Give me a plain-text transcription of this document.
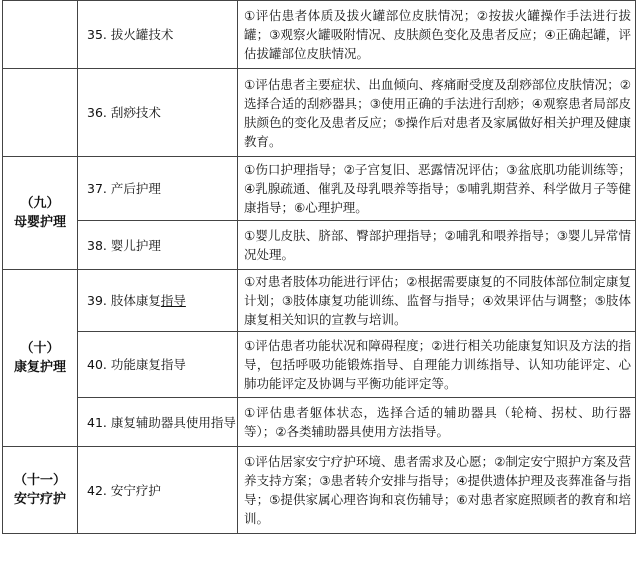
	35. 拔火罐技术	①评估患者体质及拔火罐部位皮肤情况；②按拔火罐操作手法进行拔罐；③观察火罐吸附情况、皮肤颜色变化及患者反应；④正确起罐，评估拔罐部位皮肤情况。
	36. 刮痧技术	①评估患者主要症状、出血倾向、疼痛耐受度及刮痧部位皮肤情况；②选择合适的刮痧器具；③使用正确的手法进行刮痧；④观察患者局部皮肤颜色的变化及患者反应；⑤操作后对患者及家属做好相关护理及健康教育。

（九）
母婴护理	37. 产后护理	①伤口护理指导；②子宫复旧、恶露情况评估；③盆底肌功能训练等；④乳腺疏通、催乳及母乳喂养等指导；⑤哺乳期营养、科学做月子等健康指导；⑥心理护理。
	38. 婴儿护理	①婴儿皮肤、脐部、臀部护理指导；②哺乳和喂养指导；③婴儿异常情况处理。

（十）
康复护理	39. 肢体康复指导	①对患者肢体功能进行评估；②根据需要康复的不同肢体部位制定康复计划；③肢体康复功能训练、监督与指导；④效果评估与调整；⑤肢体康复相关知识的宣教与培训。
	40. 功能康复指导	①评估患者功能状况和障碍程度；②进行相关功能康复知识及方法的指导，包括呼吸功能锻炼指导、自理能力训练指导、认知功能评定、心肺功能评定及协调与平衡功能评定等。
	41. 康复辅助器具使用指导	①评估患者躯体状态，选择合适的辅助器具（轮椅、拐杖、助行器等）；②各类辅助器具使用方法指导。

（十一）
安宁疗护	42. 安宁疗护	①评估居家安宁疗护环境、患者需求及心愿；②制定安宁照护方案及营养支持方案；③患者转介安排与指导；④提供遗体护理及丧葬准备与指导；⑤提供家属心理咨询和哀伤辅导；⑥对患者家庭照顾者的教育和培训。
